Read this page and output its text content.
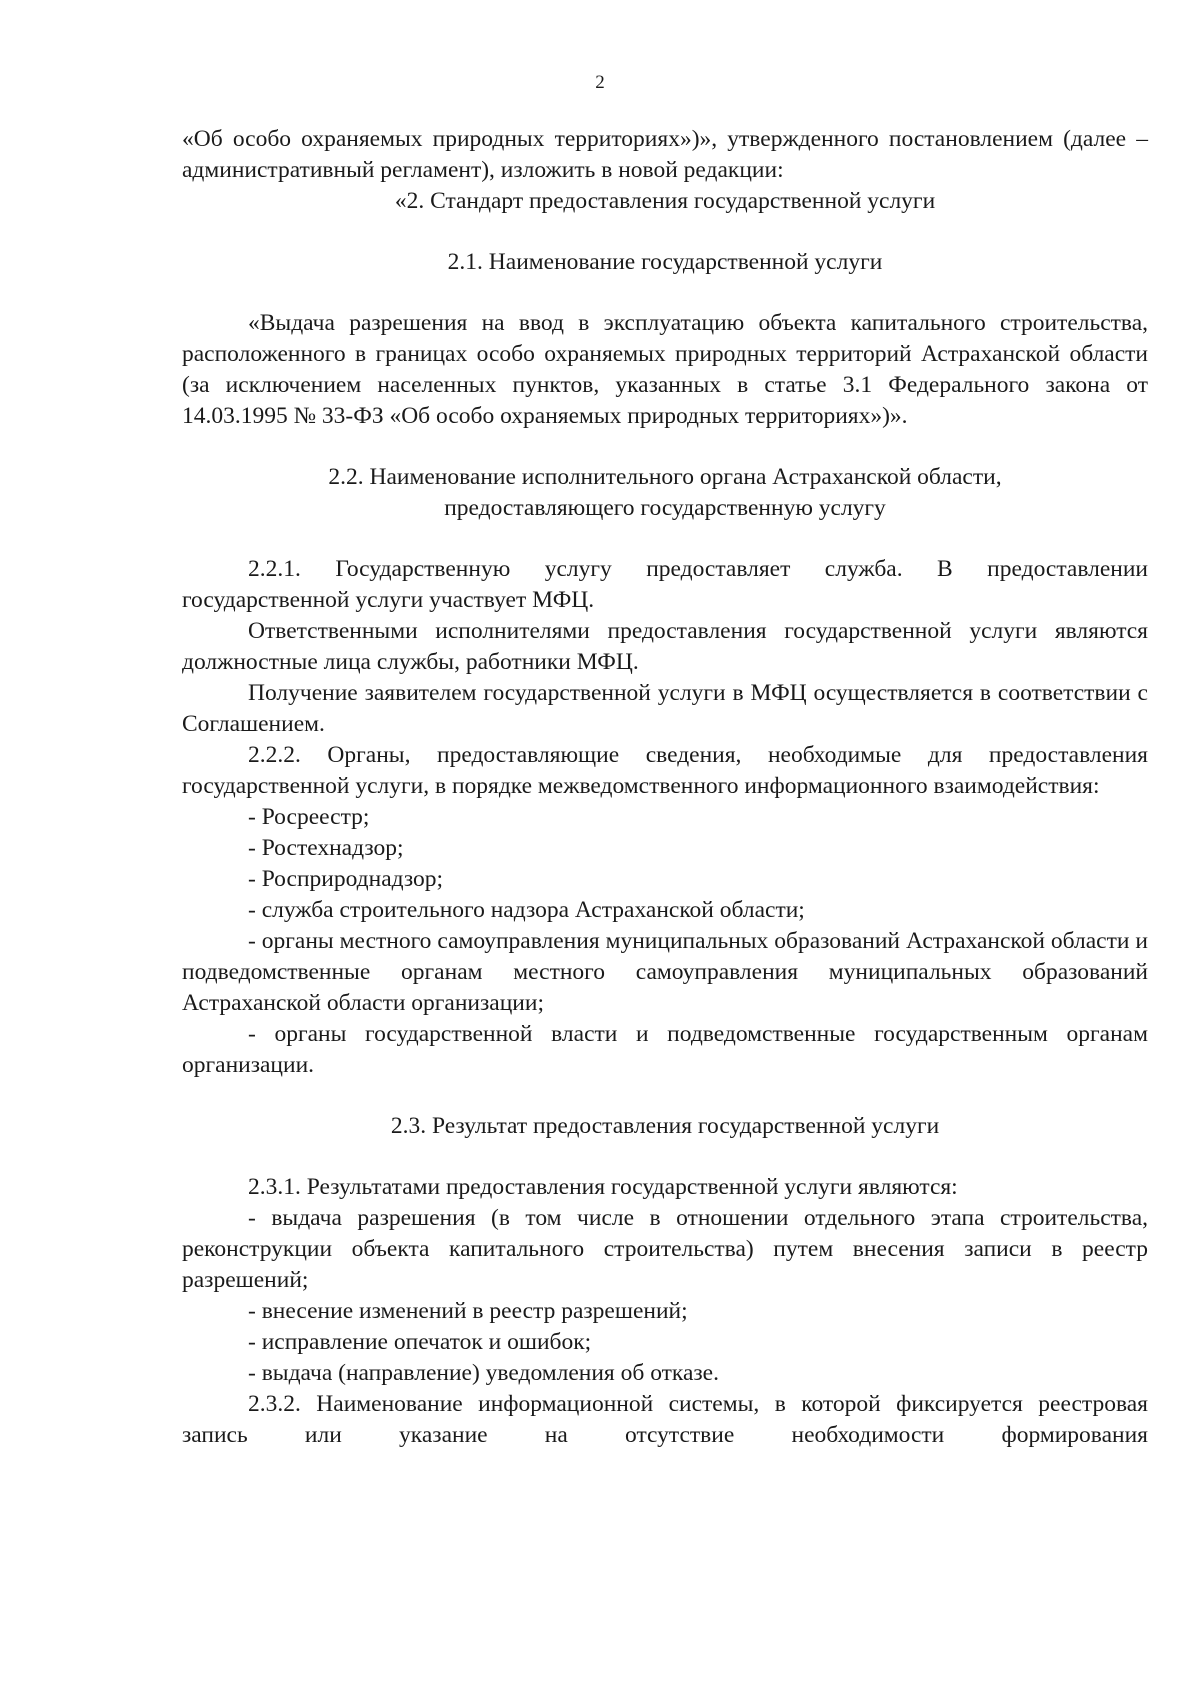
2

«Об особо охраняемых природных территориях»)», утвержденного постановлением (далее – административный регламент), изложить в новой редакции:

«2. Стандарт предоставления государственной услуги

2.1. Наименование государственной услуги

«Выдача разрешения на ввод в эксплуатацию объекта капитального строительства, расположенного в границах особо охраняемых природных территорий Астраханской области (за исключением населенных пунктов, указанных в статье 3.1 Федерального закона от 14.03.1995 № 33-ФЗ «Об особо охраняемых природных территориях»)».

2.2. Наименование исполнительного органа Астраханской области,

предоставляющего государственную услугу

2.2.1. Государственную услугу предоставляет служба. В предоставлении государственной услуги участвует МФЦ.

Ответственными исполнителями предоставления государственной услуги являются должностные лица службы, работники МФЦ.

Получение заявителем государственной услуги в МФЦ осуществляется в соответствии с Соглашением.

2.2.2. Органы, предоставляющие сведения, необходимые для предоставления государственной услуги, в порядке межведомственного информационного взаимодействия:

- Росреестр;

- Ростехнадзор;

- Росприроднадзор;

- служба строительного надзора Астраханской области;

- органы местного самоуправления муниципальных образований Астраханской области и подведомственные органам местного самоуправления муниципальных образований Астраханской области организации;

- органы государственной власти и подведомственные государственным органам организации.

2.3. Результат предоставления государственной услуги

2.3.1. Результатами предоставления государственной услуги являются:

- выдача разрешения (в том числе в отношении отдельного этапа строительства, реконструкции объекта капитального строительства) путем внесения записи в реестр разрешений;

- внесение изменений в реестр разрешений;

- исправление опечаток и ошибок;

- выдача (направление) уведомления об отказе.

2.3.2. Наименование информационной системы, в которой фиксируется реестровая запись или указание на отсутствие необходимости формирования
